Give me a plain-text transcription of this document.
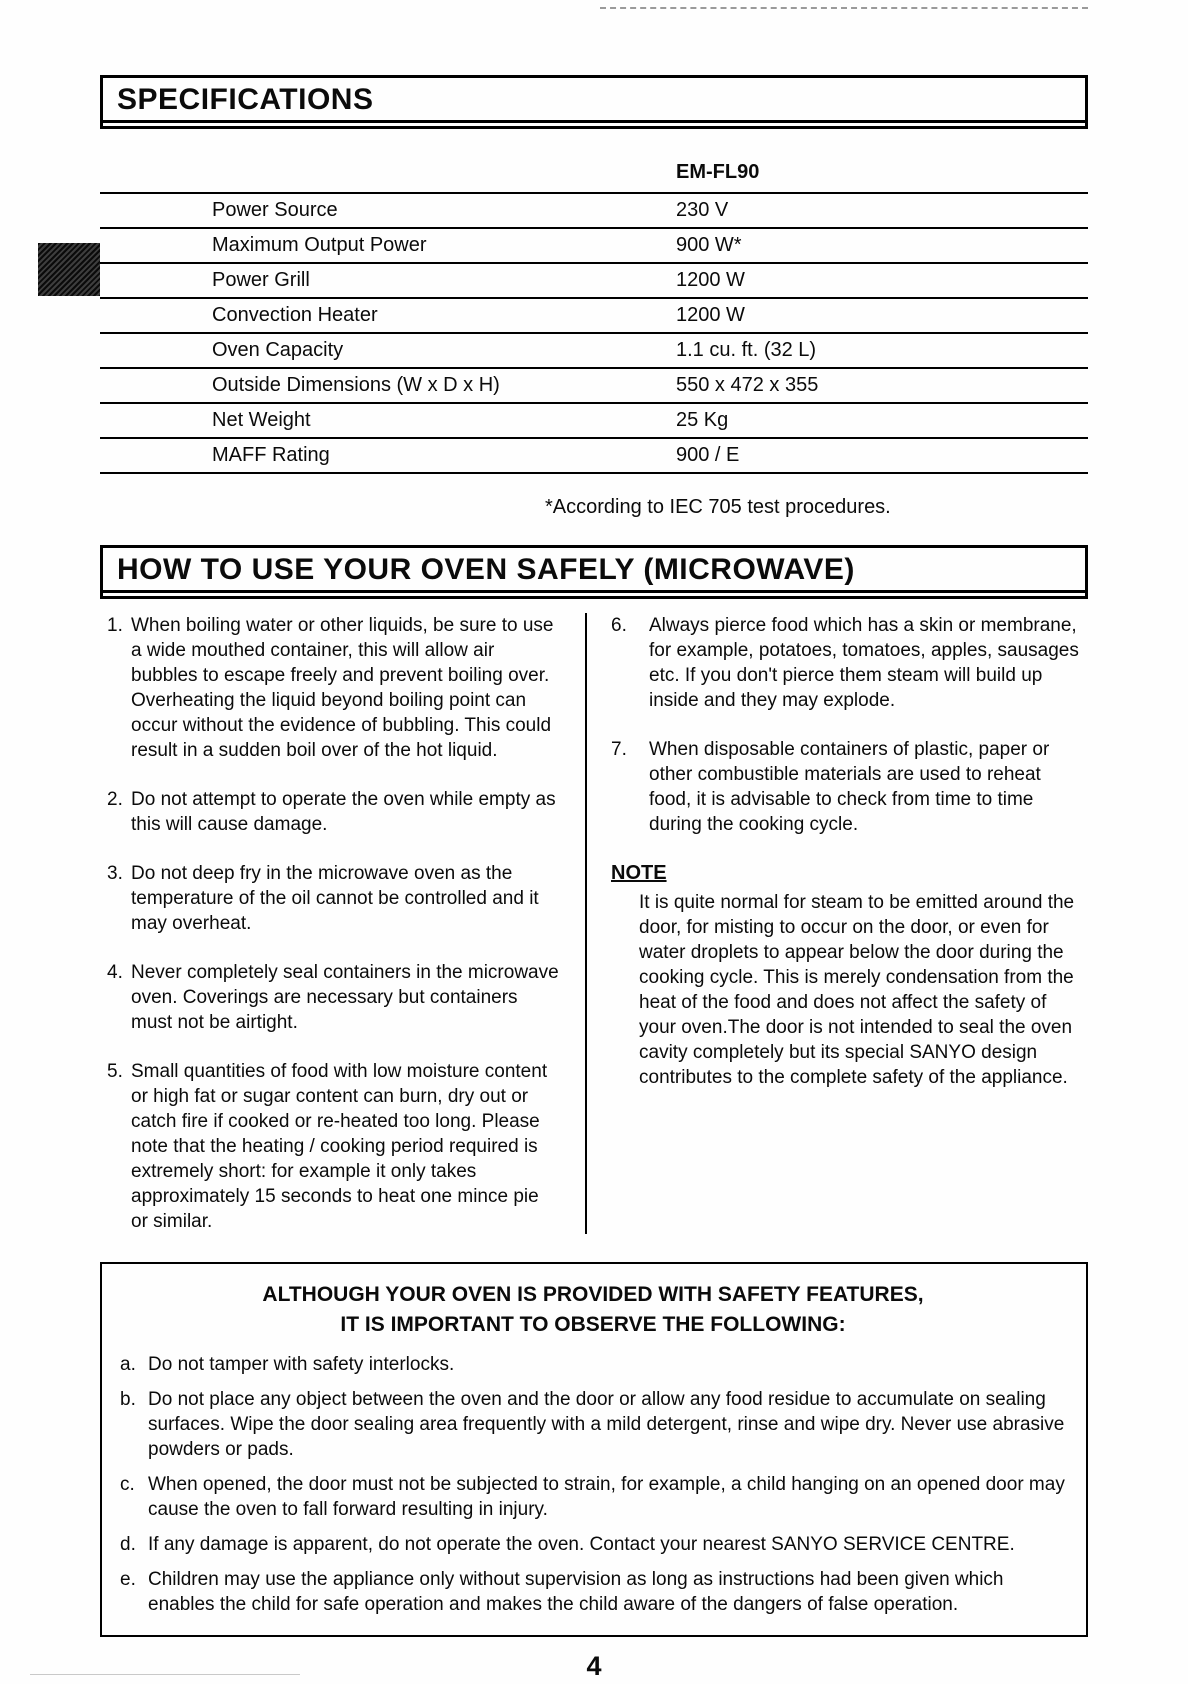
SPECIFICATIONS
EM-FL90
Power Source	230 V
Maximum Output Power	900 W*
Power Grill	1200 W
Convection Heater	1200 W
Oven Capacity	1.1 cu. ft. (32 L)
Outside Dimensions (W x D x H)	550 x 472 x 355
Net Weight	25 Kg
MAFF Rating	900 / E
*According to IEC 705 test procedures.
HOW TO USE YOUR OVEN SAFELY (MICROWAVE)
1. When boiling water or other liquids, be sure to use a wide mouthed container, this will allow air bubbles to escape freely and prevent boiling over. Overheating the liquid beyond boiling point can occur without the evidence of bubbling. This could result in a sudden boil over of the hot liquid.
2. Do not attempt to operate the oven while empty as this will cause damage.
3. Do not deep fry in the microwave oven as the temperature of the oil cannot be controlled and it may overheat.
4. Never completely seal containers in the microwave oven. Coverings are necessary but containers must not be airtight.
5. Small quantities of food with low moisture content or high fat or sugar content can burn, dry out or catch fire if cooked or re-heated too long. Please note that the heating / cooking period required is extremely short: for example it only takes approximately 15 seconds to heat one mince pie or similar.
6.	Always pierce food which has a skin or membrane, for example, potatoes, tomatoes, apples, sausages etc. If you don't pierce them steam will build up inside and they may explode.
7.	When disposable containers of plastic, paper or other combustible materials are used to reheat food, it is advisable to check from time to time during the cooking cycle.
NOTE
It is quite normal for steam to be emitted around the door, for misting to occur on the door, or even for water droplets to appear below the door during the cooking cycle. This is merely condensation from the heat of the food and does not affect the safety of your oven.The door is not intended to seal the oven cavity completely but its special SANYO design contributes to the complete safety of the appliance.
ALTHOUGH YOUR OVEN IS PROVIDED WITH SAFETY FEATURES,
IT IS IMPORTANT TO OBSERVE THE FOLLOWING:
a. Do not tamper with safety interlocks.
b. Do not place any object between the oven and the door or allow any food residue to accumulate on sealing surfaces. Wipe the door sealing area frequently with a mild detergent, rinse and wipe dry. Never use abrasive powders or pads.
c. When opened, the door must not be subjected to strain, for example, a child hanging on an opened door may cause the oven to fall forward resulting in injury.
d. If any damage is apparent, do not operate the oven. Contact your nearest SANYO SERVICE CENTRE.
e. Children may use the appliance only without supervision as long as instructions had been given which enables the child for safe operation and makes the child aware of the dangers of false operation.
4
